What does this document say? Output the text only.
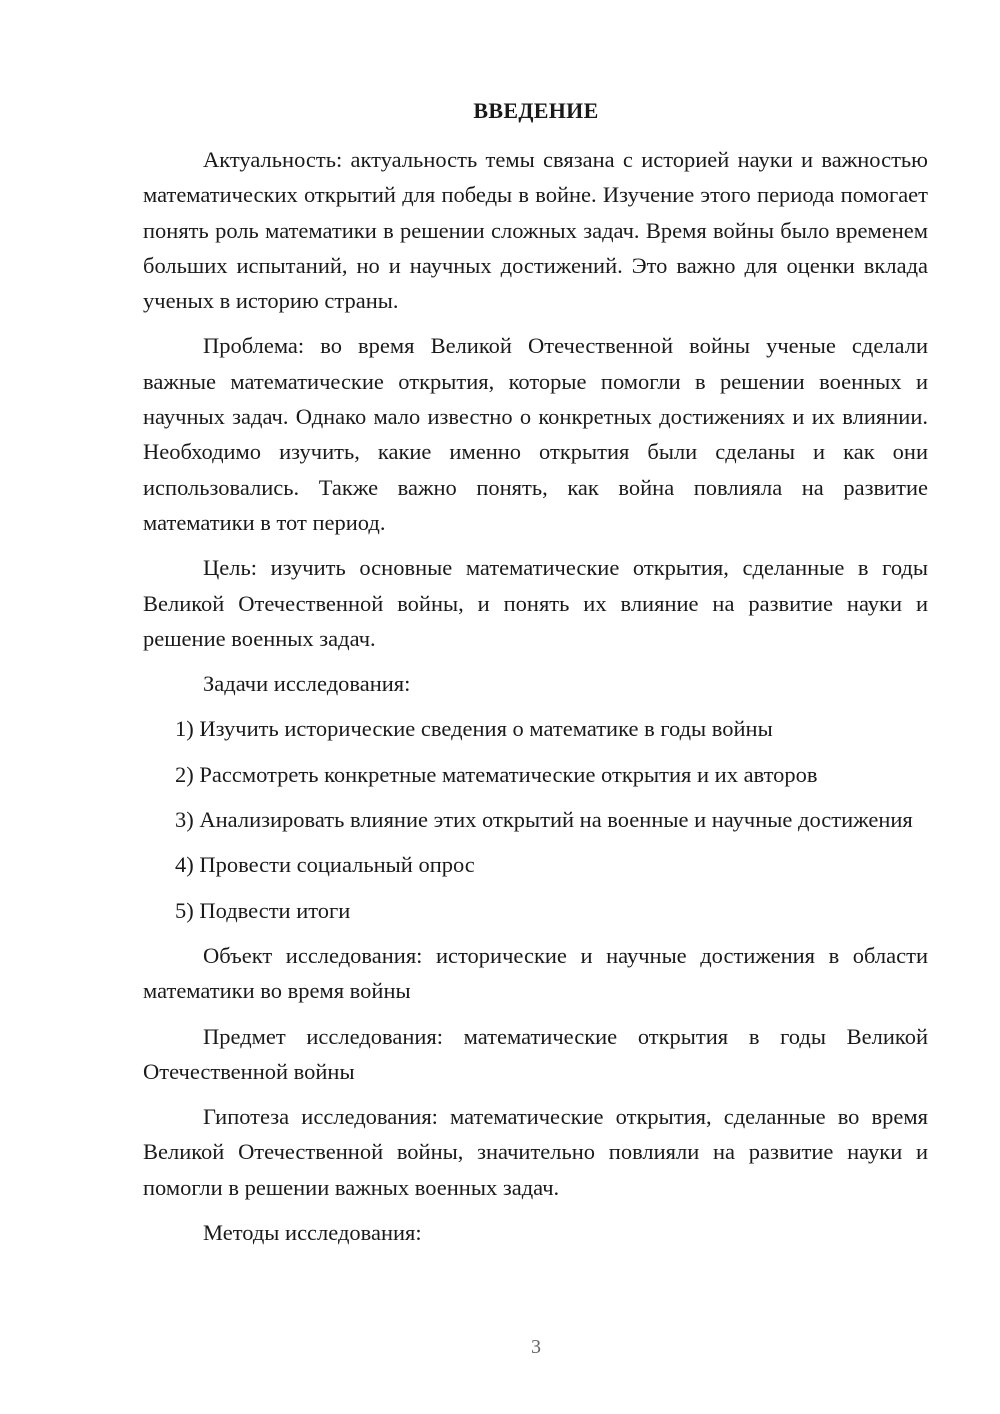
ВВЕДЕНИЕ

Актуальность: актуальность темы связана с историей науки и важностью математических открытий для победы в войне. Изучение этого периода помогает понять роль математики в решении сложных задач. Время войны было временем больших испытаний, но и научных достижений. Это важно для оценки вклада ученых в историю страны.

Проблема: во время Великой Отечественной войны ученые сделали важные математические открытия, которые помогли в решении военных и научных задач. Однако мало известно о конкретных достижениях и их влиянии. Необходимо изучить, какие именно открытия были сделаны и как они использовались. Также важно понять, как война повлияла на развитие математики в тот период.

Цель: изучить основные математические открытия, сделанные в годы Великой Отечественной войны, и понять их влияние на развитие науки и решение военных задач.

Задачи исследования:

1) Изучить исторические сведения о математике в годы войны

2) Рассмотреть конкретные математические открытия и их авторов

3) Анализировать влияние этих открытий на военные и научные достижения

4) Провести социальный опрос

5) Подвести итоги

Объект исследования: исторические и научные достижения в области математики во время войны

Предмет исследования: математические открытия в годы Великой Отечественной войны

Гипотеза исследования: математические открытия, сделанные во время Великой Отечественной войны, значительно повлияли на развитие науки и помогли в решении важных военных задач.

Методы исследования:

3
